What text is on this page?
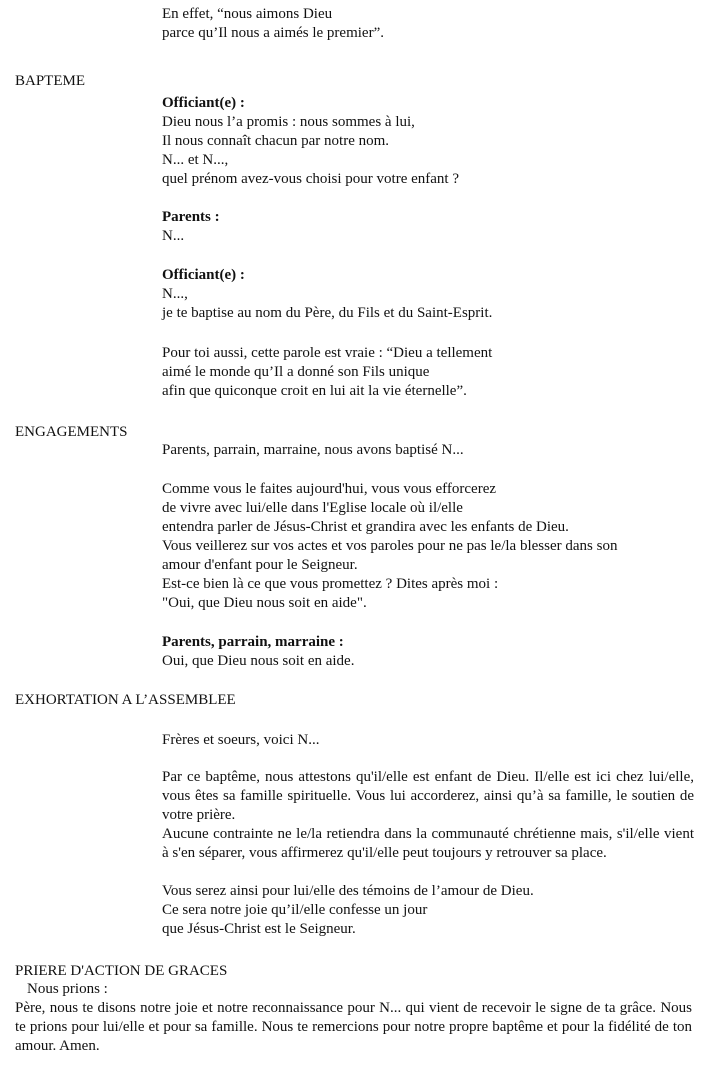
En effet, “nous aimons Dieu
parce qu’Il nous a aimés le premier”.
BAPTEME
Officiant(e) :
Dieu nous l’a promis : nous sommes à lui,
Il nous connaît chacun par notre nom.
N... et N...,
quel prénom avez-vous choisi pour votre enfant ?
Parents :
N...
Officiant(e) :
N...,
je te baptise au nom du Père, du Fils et du Saint-Esprit.
Pour toi aussi, cette parole est vraie : “Dieu a tellement
aimé le monde qu’Il a donné son Fils unique
afin que quiconque croit en lui ait la vie éternelle”.
ENGAGEMENTS
Parents, parrain, marraine, nous avons baptisé N...
Comme vous le faites aujourd'hui, vous vous efforcerez
de vivre avec lui/elle dans l'Eglise locale où il/elle
entendra parler de Jésus-Christ et grandira avec les enfants de Dieu.
Vous veillerez sur vos actes et vos paroles pour ne pas le/la blesser dans son
amour d'enfant pour le Seigneur.
Est-ce bien là ce que vous promettez ? Dites après moi :
"Oui, que Dieu nous soit en aide".
Parents, parrain, marraine :
Oui, que Dieu nous soit en aide.
EXHORTATION A L’ASSEMBLEE
Frères et soeurs, voici N...
Par ce baptême, nous attestons qu'il/elle est enfant de Dieu. Il/elle est ici chez lui/elle, vous êtes sa famille spirituelle. Vous lui accorderez, ainsi qu’à sa famille, le soutien de votre prière.
Aucune contrainte ne le/la retiendra dans la communauté chrétienne mais, s'il/elle vient à s'en séparer, vous affirmerez qu'il/elle peut toujours y retrouver sa place.
Vous serez ainsi pour lui/elle des témoins de l’amour de Dieu.
Ce sera notre joie qu’il/elle confesse un jour
que Jésus-Christ est le Seigneur.
PRIERE D'ACTION DE GRACES
Nous prions :
Père, nous te disons notre joie et notre reconnaissance pour N... qui vient de recevoir le signe de ta grâce. Nous te prions pour lui/elle et pour sa famille. Nous te remercions pour notre propre baptême et pour la fidélité de ton amour. Amen.
